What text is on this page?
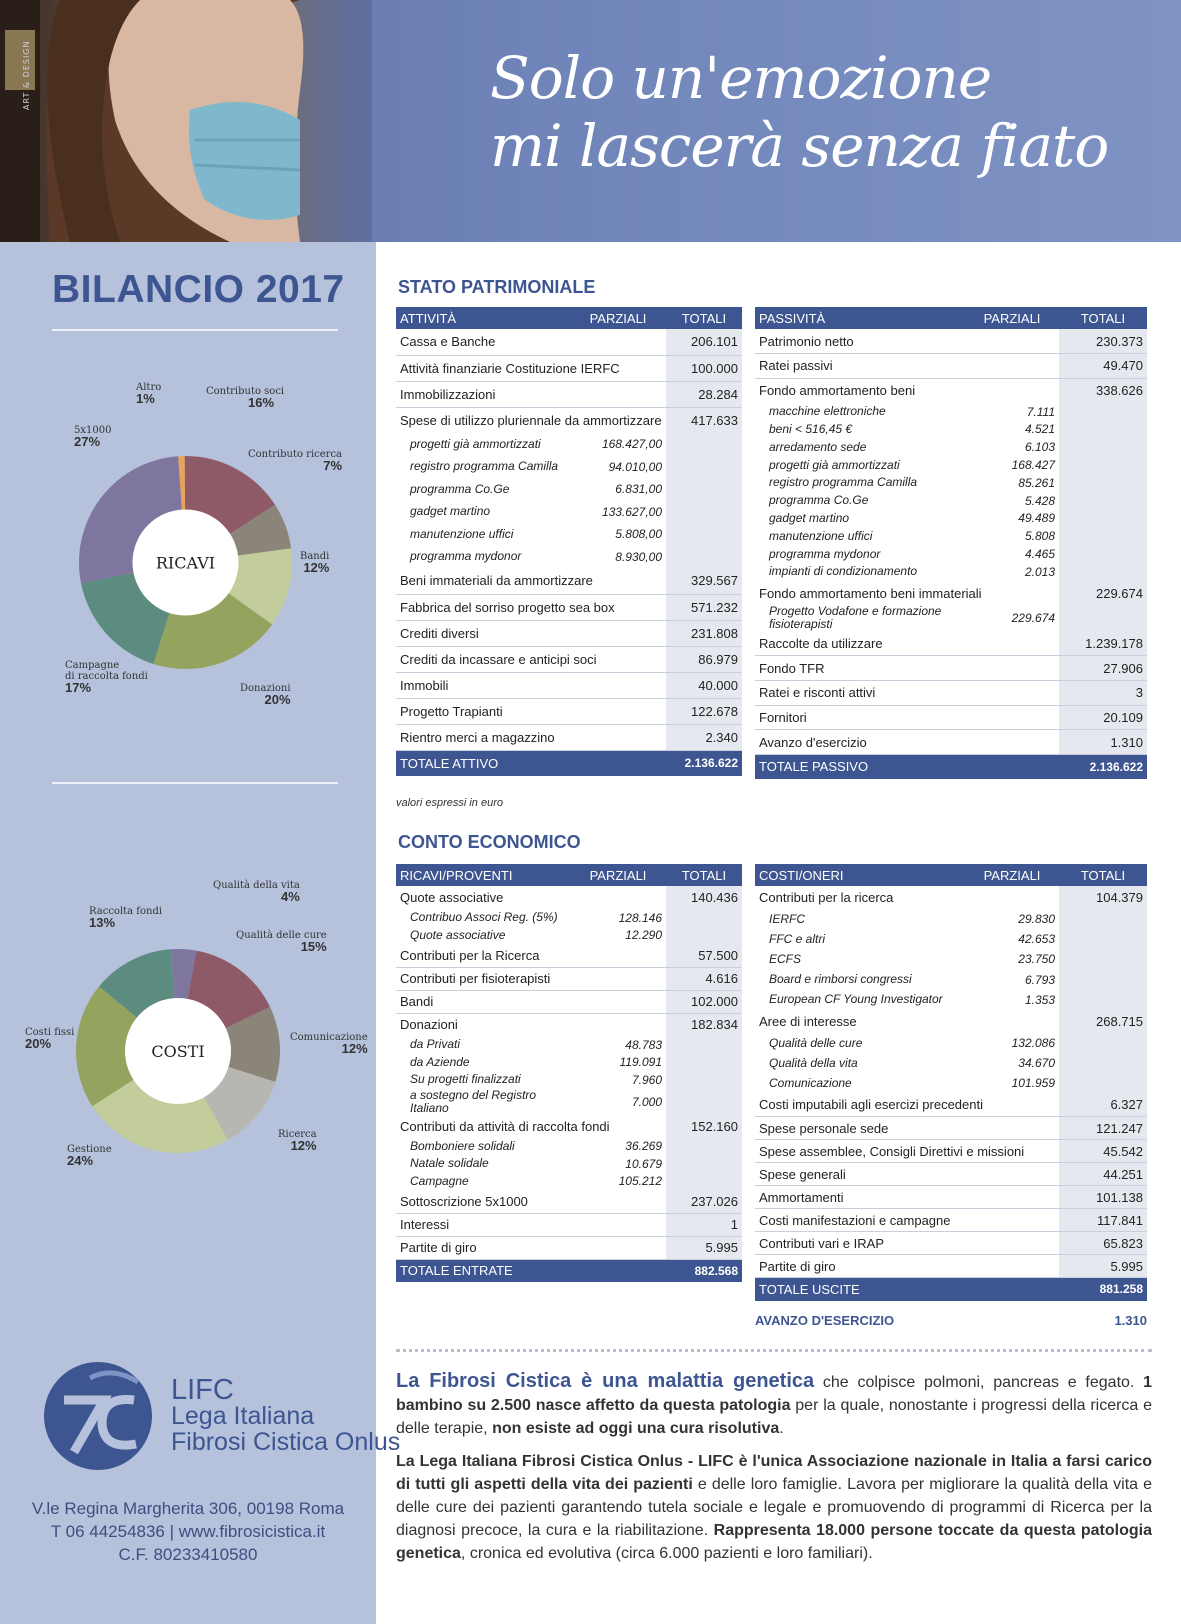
ART & DESIGN	Solo un'emozione
mi lascerà senza fiato
BILANCIO 2017
RICAVI
Altro
1%	Contributo soci
16%
Contributo ricerca
7%
Bandi
12%
Donazioni
20%
Campagne
di raccolta fondi
17%
5x1000
27%
COSTI
Qualità della vita
4%
Qualità delle cure
15%
Comunicazione
12%
Ricerca
12%
Gestione
24%
Costi fissi
20%
Raccolta fondi
13%
STATO PATRIMONIALE
ATTIVITÀ	PARZIALI	TOTALI
Cassa e Banche		206.101
Attività finanziarie Costituzione IERFC		100.000
Immobilizzazioni		28.284
Spese di utilizzo pluriennale da ammortizzare		417.633
progetti già ammortizzati	168.427,00	
registro programma Camilla	94.010,00	
programma Co.Ge	6.831,00	
gadget martino	133.627,00	
manutenzione uffici	5.808,00	
programma mydonor	8.930,00	
Beni immateriali da ammortizzare		329.567
Fabbrica del sorriso progetto sea box		571.232
Crediti diversi		231.808
Crediti da incassare e anticipi soci		86.979
Immobili		40.000
Progetto Trapianti		122.678
Rientro merci a magazzino		2.340
TOTALE ATTIVO		2.136.622
PASSIVITÀ	PARZIALI	TOTALI
Patrimonio netto		230.373
Ratei passivi		49.470
Fondo ammortamento beni		338.626
macchine elettroniche	7.111	
beni < 516,45 €	4.521	
arredamento sede	6.103	
progetti già ammortizzati	168.427	
registro programma Camilla	85.261	
programma Co.Ge	5.428	
gadget martino	49.489	
manutenzione uffici	5.808	
programma mydonor	4.465	
impianti di condizionamento	2.013	
Fondo ammortamento beni immateriali		229.674
Progetto Vodafone e formazione fisioterapisti	229.674	
Raccolte da utilizzare		1.239.178
Fondo TFR		27.906
Ratei e risconti attivi		3
Fornitori		20.109
Avanzo d'esercizio		1.310
TOTALE PASSIVO		2.136.622
valori espressi in euro
CONTO ECONOMICO
RICAVI/PROVENTI	PARZIALI	TOTALI
Quote associative		140.436
Contribuo Associ Reg. (5%)	128.146	
Quote associative	12.290	
Contributi per la Ricerca		57.500
Contributi per fisioterapisti		4.616
Bandi		102.000
Donazioni		182.834
da Privati	48.783	
da Aziende	119.091	
Su progetti finalizzati	7.960	
a sostegno del Registro Italiano	7.000	
Contributi da attività di raccolta fondi		152.160
Bomboniere solidali	36.269	
Natale solidale	10.679	
Campagne	105.212	
Sottoscrizione 5x1000		237.026
Interessi		1
Partite di giro		5.995
TOTALE ENTRATE		882.568
COSTI/ONERI	PARZIALI	TOTALI
Contributi per la ricerca		104.379
IERFC	29.830	
FFC e altri	42.653	
ECFS	23.750	
Board e rimborsi congressi	6.793	
European CF Young Investigator	1.353	
Aree di interesse		268.715
Qualità delle cure	132.086	
Qualità della vita	34.670	
Comunicazione	101.959	
Costi imputabili agli esercizi precedenti		6.327
Spese personale sede		121.247
Spese assemblee, Consigli Direttivi e missioni		45.542
Spese generali		44.251
Ammortamenti		101.138
Costi manifestazioni e campagne		117.841
Contributi vari e IRAP		65.823
Partite di giro		5.995
TOTALE USCITE		881.258
AVANZO D'ESERCIZIO	1.310

La Fibrosi Cistica è una malattia genetica che colpisce polmoni, pancreas e fegato. 1 bambino su 2.500 nasce affetto da questa patologia per la quale, nonostante i progressi della ricerca e delle terapie, non esiste ad oggi una cura risolutiva.

La Lega Italiana Fibrosi Cistica Onlus - LIFC è l'unica Associazione nazionale in Italia a farsi carico di tutti gli aspetti della vita dei pazienti e delle loro famiglie. Lavora per migliorare la qualità della vita e delle cure dei pazienti garantendo tutela sociale e legale e promuovendo di programmi di Ricerca per la diagnosi precoce, la cura e la riabilitazione. Rappresenta 18.000 persone toccate da questa patologia genetica, cronica ed evolutiva (circa 6.000 pazienti e loro familiari).

LIFC
Lega Italiana
Fibrosi Cistica Onlus
V.le Regina Margherita 306, 00198 Roma
T 06 44254836 | www.fibrosicistica.it
C.F. 80233410580
